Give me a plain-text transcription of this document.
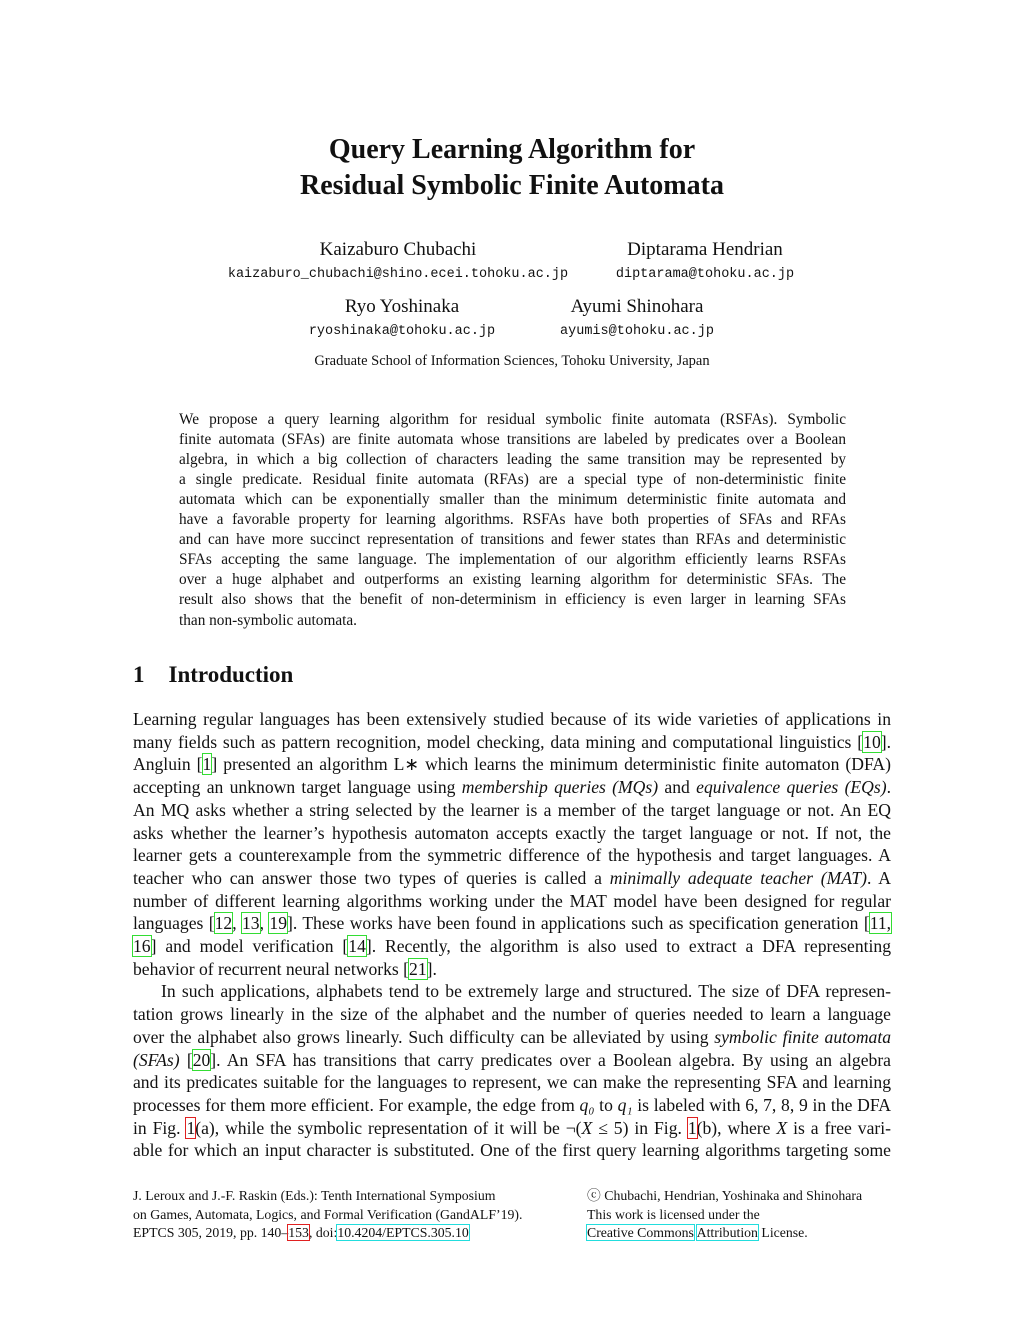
Query Learning Algorithm for
Residual Symbolic Finite Automata
Kaizaburo Chubachi
kaizaburo_chubachi@shino.ecei.tohoku.ac.jp
Diptarama Hendrian
diptarama@tohoku.ac.jp
Ryo Yoshinaka
ryoshinaka@tohoku.ac.jp
Ayumi Shinohara
ayumis@tohoku.ac.jp
Graduate School of Information Sciences, Tohoku University, Japan
We propose a query learning algorithm for residual symbolic finite automata (RSFAs). Symbolic
finite automata (SFAs) are finite automata whose transitions are labeled by predicates over a Boolean
algebra, in which a big collection of characters leading the same transition may be represented by
a single predicate. Residual finite automata (RFAs) are a special type of non-deterministic finite
automata which can be exponentially smaller than the minimum deterministic finite automata and
have a favorable property for learning algorithms. RSFAs have both properties of SFAs and RFAs
and can have more succinct representation of transitions and fewer states than RFAs and deterministic
SFAs accepting the same language. The implementation of our algorithm efficiently learns RSFAs
over a huge alphabet and outperforms an existing learning algorithm for deterministic SFAs. The
result also shows that the benefit of non-determinism in efficiency is even larger in learning SFAs
than non-symbolic automata.
1 Introduction
Learning regular languages has been extensively studied because of its wide varieties of applications in
many fields such as pattern recognition, model checking, data mining and computational linguistics [10].
Angluin [1] presented an algorithm L∗ which learns the minimum deterministic finite automaton (DFA)
accepting an unknown target language using membership queries (MQs) and equivalence queries (EQs).
An MQ asks whether a string selected by the learner is a member of the target language or not. An EQ
asks whether the learner’s hypothesis automaton accepts exactly the target language or not. If not, the
learner gets a counterexample from the symmetric difference of the hypothesis and target languages. A
teacher who can answer those two types of queries is called a minimally adequate teacher (MAT). A
number of different learning algorithms working under the MAT model have been designed for regular
languages [12, 13, 19]. These works have been found in applications such as specification generation [11,
16] and model verification [14]. Recently, the algorithm is also used to extract a DFA representing
behavior of recurrent neural networks [21].
In such applications, alphabets tend to be extremely large and structured. The size of DFA represen-
tation grows linearly in the size of the alphabet and the number of queries needed to learn a language
over the alphabet also grows linearly. Such difficulty can be alleviated by using symbolic finite automata
(SFAs) [20]. An SFA has transitions that carry predicates over a Boolean algebra. By using an algebra
and its predicates suitable for the languages to represent, we can make the representing SFA and learning
processes for them more efficient. For example, the edge from q₀ to q₁ is labeled with 6, 7, 8, 9 in the DFA
in Fig. 1(a), while the symbolic representation of it will be ¬(X ≤ 5) in Fig. 1(b), where X is a free vari-
able for which an input character is substituted. One of the first query learning algorithms targeting some
J. Leroux and J.-F. Raskin (Eds.): Tenth International Symposium
on Games, Automata, Logics, and Formal Verification (GandALF’19).
EPTCS 305, 2019, pp. 140–153, doi:10.4204/EPTCS.305.10
ⓒ Chubachi, Hendrian, Yoshinaka and Shinohara
This work is licensed under the
Creative Commons Attribution License.
